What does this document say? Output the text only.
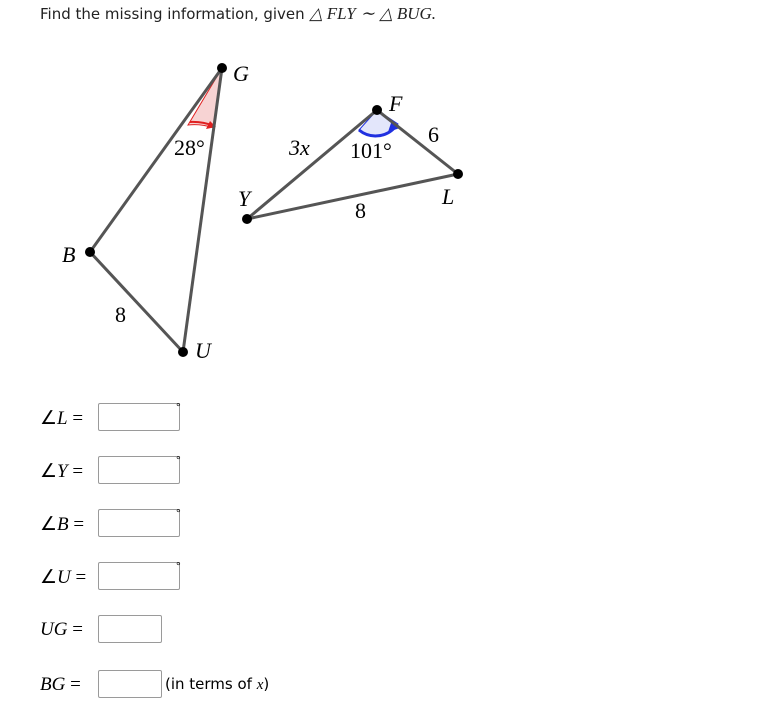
Find the missing information, given △ FLY ∼ △ BUG.
G
B
U
F
L
Y
28°	101°
3x
6
8
8
∠L =
°
∠Y =
°
∠B =
°
∠U =
°
UG =
BG =	(in terms of x)
